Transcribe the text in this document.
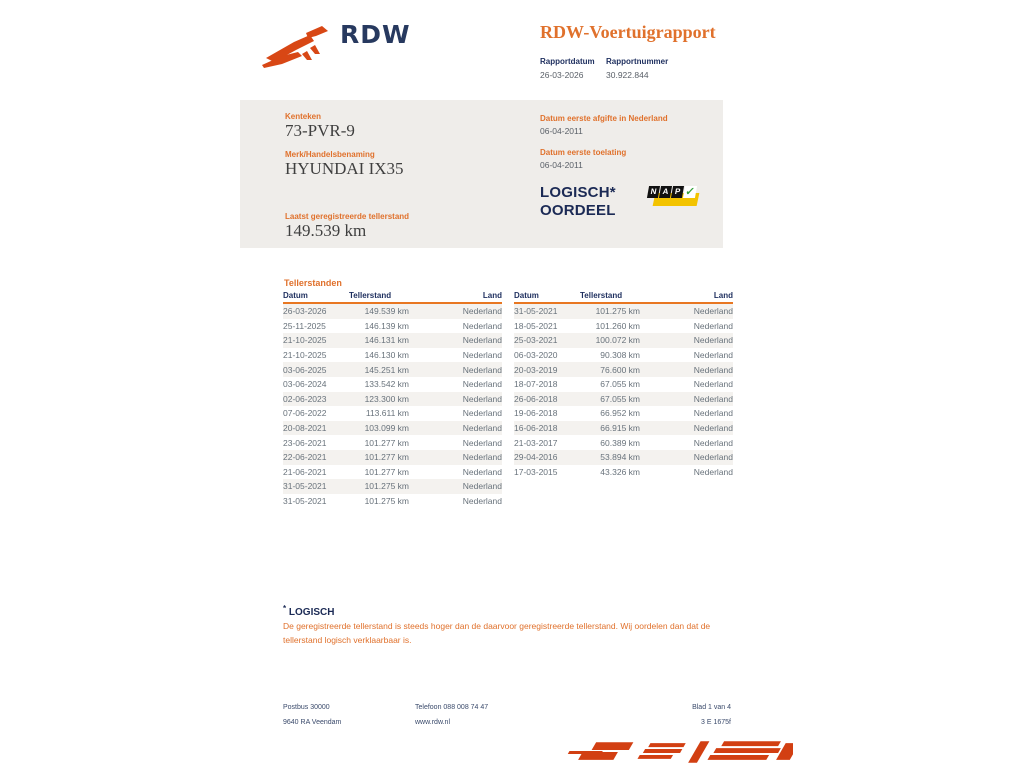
RDW	RDW-Voertuigrapport
Rapportdatum
26-03-2026
Rapportnummer
30.922.844
Kenteken
73-PVR-9
Merk/Handelsbenaming
HYUNDAI IX35
Laatst geregistreerde tellerstand
149.539 km
Datum eerste afgifte in Nederland
06-04-2011
Datum eerste toelating
06-04-2011
LOGISCH*
OORDEEL
N A P ✓
Tellerstanden
Datum	Tellerstand	Land
26-03-2026	149.539 km	Nederland
25-11-2025	146.139 km	Nederland
21-10-2025	146.131 km	Nederland
21-10-2025	146.130 km	Nederland
03-06-2025	145.251 km	Nederland
03-06-2024	133.542 km	Nederland
02-06-2023	123.300 km	Nederland
07-06-2022	113.611 km	Nederland
20-08-2021	103.099 km	Nederland
23-06-2021	101.277 km	Nederland
22-06-2021	101.277 km	Nederland
21-06-2021	101.277 km	Nederland
31-05-2021	101.275 km	Nederland
31-05-2021	101.275 km	Nederland
Datum	Tellerstand	Land
31-05-2021	101.275 km	Nederland
18-05-2021	101.260 km	Nederland
25-03-2021	100.072 km	Nederland
06-03-2020	90.308 km	Nederland
20-03-2019	76.600 km	Nederland
18-07-2018	67.055 km	Nederland
26-06-2018	67.055 km	Nederland
19-06-2018	66.952 km	Nederland
16-06-2018	66.915 km	Nederland
21-03-2017	60.389 km	Nederland
29-04-2016	53.894 km	Nederland
17-03-2015	43.326 km	Nederland
* LOGISCH
De geregistreerde tellerstand is steeds hoger dan de daarvoor geregistreerde tellerstand. Wij oordelen dan dat de tellerstand logisch verklaarbaar is.
Postbus 30000
9640 RA Veendam
Telefoon 088 008 74 47
www.rdw.nl
Blad 1 van 4
3 E 1675f
